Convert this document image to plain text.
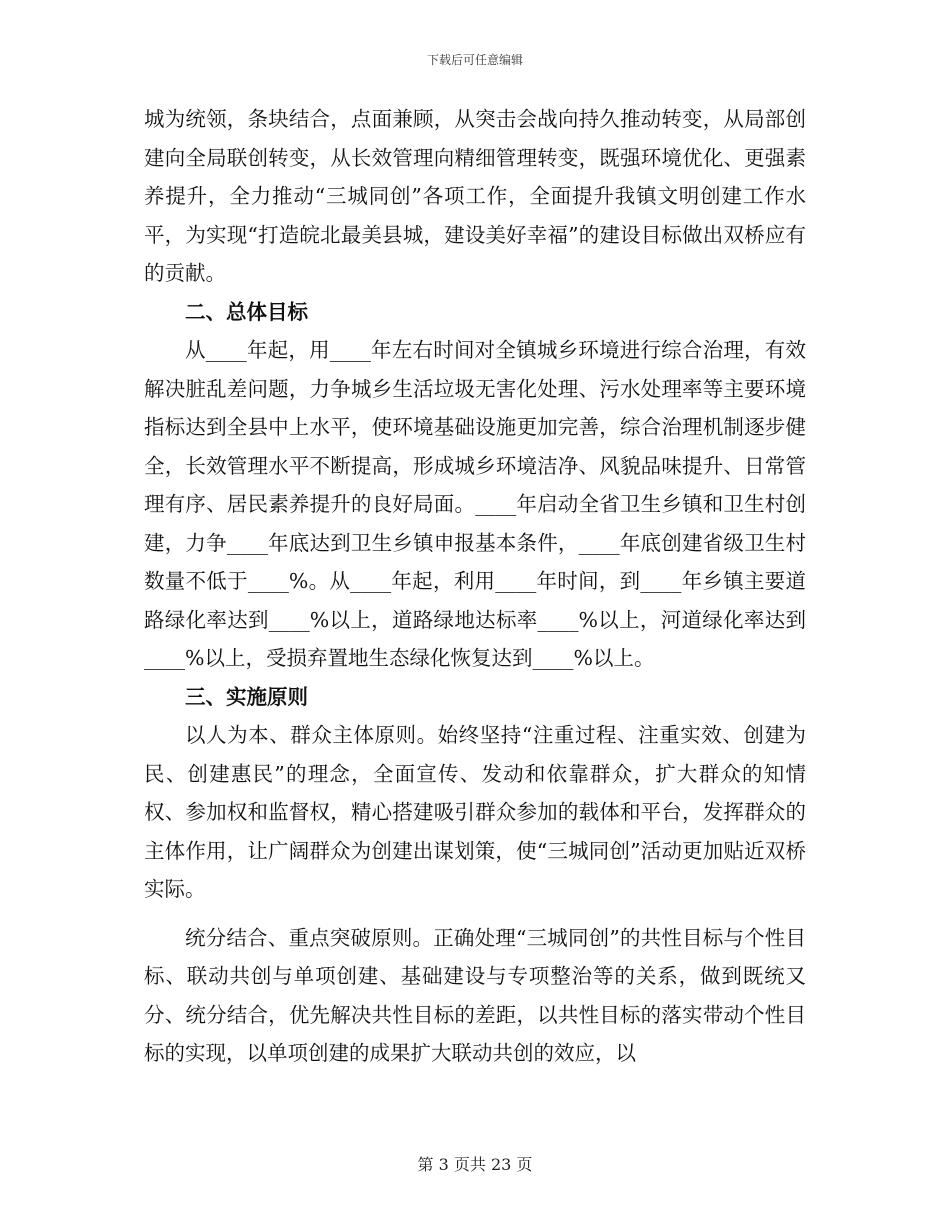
下载后可任意编辑

城为统领，条块结合，点面兼顾，从突击会战向持久推动转变，从局部创建向全局联创转变，从长效管理向精细管理转变，既强环境优化、更强素养提升，全力推动“三城同创”各项工作，全面提升我镇文明创建工作水平，为实现“打造皖北最美县城，建设美好幸福”的建设目标做出双桥应有的贡献。

二、总体目标

从____年起，用____年左右时间对全镇城乡环境进行综合治理，有效解决脏乱差问题，力争城乡生活垃圾无害化处理、污水处理率等主要环境指标达到全县中上水平，使环境基础设施更加完善，综合治理机制逐步健全，长效管理水平不断提高，形成城乡环境洁净、风貌品味提升、日常管理有序、居民素养提升的良好局面。____年启动全省卫生乡镇和卫生村创建，力争____年底达到卫生乡镇申报基本条件，____年底创建省级卫生村数量不低于____%。从____年起，利用____年时间，到____年乡镇主要道路绿化率达到____%以上，道路绿地达标率____%以上，河道绿化率达到____%以上，受损弃置地生态绿化恢复达到____%以上。

三、实施原则

以人为本、群众主体原则。始终坚持“注重过程、注重实效、创建为民、创建惠民”的理念，全面宣传、发动和依靠群众，扩大群众的知情权、参加权和监督权，精心搭建吸引群众参加的载体和平台，发挥群众的主体作用，让广阔群众为创建出谋划策，使“三城同创”活动更加贴近双桥实际。

统分结合、重点突破原则。正确处理“三城同创”的共性目标与个性目标、联动共创与单项创建、基础建设与专项整治等的关系，做到既统又分、统分结合，优先解决共性目标的差距，以共性目标的落实带动个性目标的实现，以单项创建的成果扩大联动共创的效应，以

第 3 页共 23 页
